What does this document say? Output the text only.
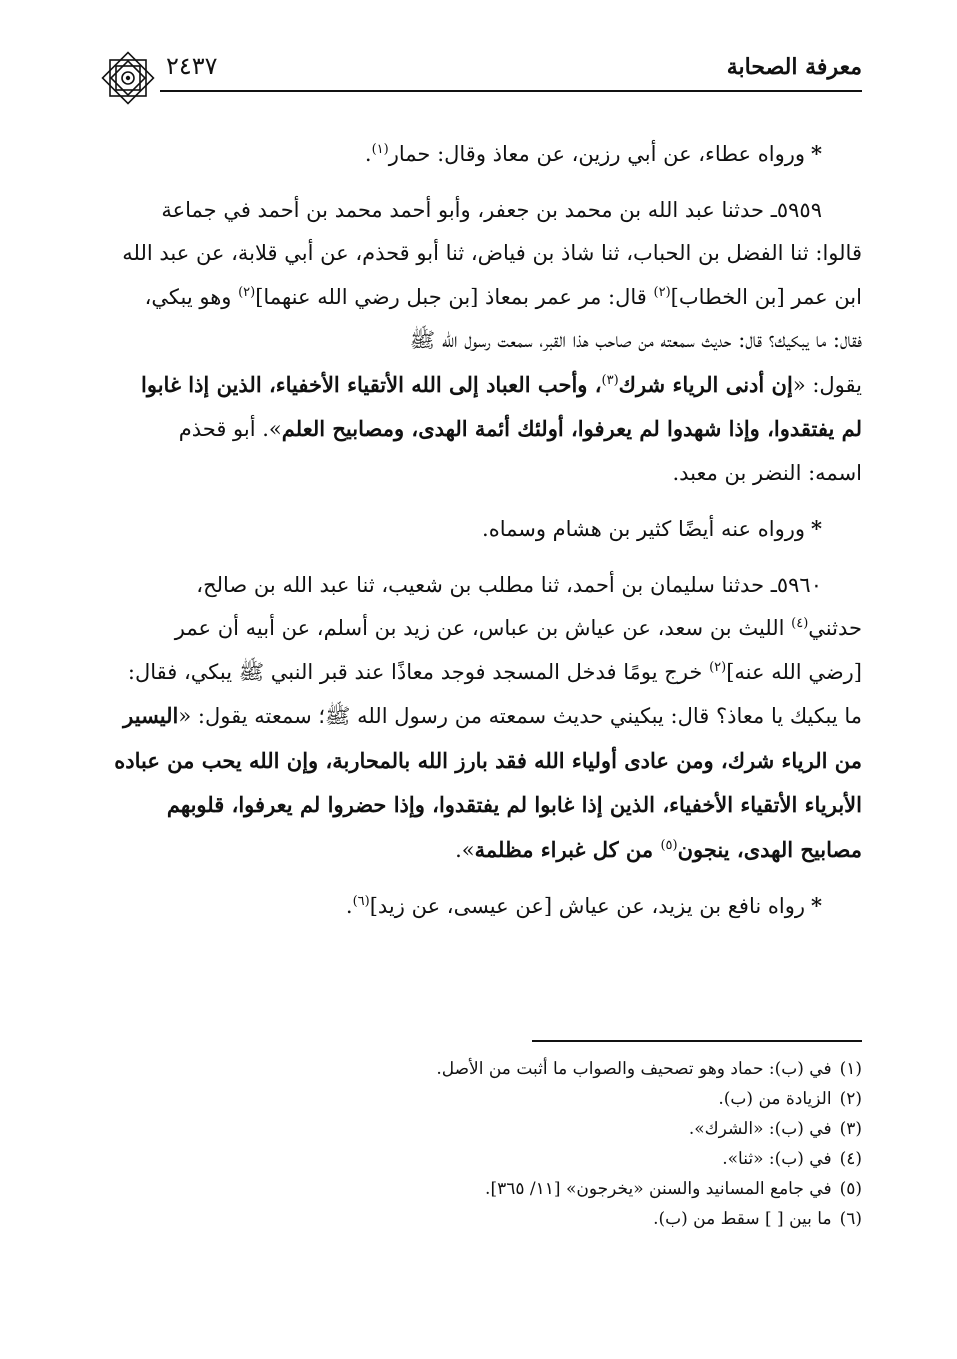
معرفة الصحابة
٢٤٣٧

*ورواه عطاء، عن أبي رزين، عن معاذ وقال: حمار$^{(١)}$.

٥٩٥٩ـ حدثنا عبد الله بن محمد بن جعفر، وأبو أحمد محمد بن أحمد في جماعة

قالوا: ثنا الفضل بن الحباب، ثنا شاذ بن فياض، ثنا أبو قحذم، عن أبي قلابة، عن عبد الله

ابن عمر [بن الخطاب]$^{(٢)}$ قال: مر عمر بمعاذ [بن جبل رضي الله عنهما]$^{(٢)}$ وهو يبكي،

فقال: ما يبكيك؟ قال: حديث سمعته من صاحب هذا القبر، سمعت رسول الله ﷺ

يقول: «إن أدنى الرياء شرك$^{(٣)}$، وأحب العباد إلى الله الأتقياء الأخفياء، الذين إذا غابوا

لم يفتقدوا، وإذا شهدوا لم يعرفوا، أولئك أئمة الهدى، ومصابيح العلم». أبو قحذم

اسمه: النضر بن معبد.

*ورواه عنه أيضًا كثير بن هشام وسماه.

٥٩٦٠ـ حدثنا سليمان بن أحمد، ثنا مطلب بن شعيب، ثنا عبد الله بن صالح،

حدثني$^{(٤)}$ الليث بن سعد، عن عياش بن عباس، عن زيد بن أسلم، عن أبيه أن عمر

[رضي الله عنه]$^{(٢)}$ خرج يومًا فدخل المسجد فوجد معاذًا عند قبر النبي ﷺ يبكي، فقال:

ما يبكيك يا معاذ؟ قال: يبكيني حديث سمعته من رسول الله ﷺ؛ سمعته يقول: «اليسير

من الرياء شرك، ومن عادى أولياء الله فقد بارز الله بالمحاربة، وإن الله يحب من عباده

الأبرياء الأتقياء الأخفياء، الذين إذا غابوا لم يفتقدوا، وإذا حضروا لم يعرفوا، قلوبهم

مصابيح الهدى، ينجون$^{(٥)}$ من كل غبراء مظلمة».

*رواه نافع بن يزيد، عن عياش [عن عيسى، عن زيد]$^{(٦)}$.

(١)في (ب): حماد وهو تصحيف والصواب ما أثبت من الأصل.

(٢)الزيادة من (ب).

(٣)في (ب): «الشرك».

(٤)في (ب): «ثنا».

(٥)في جامع المسانيد والسنن «يخرجون» [١١/ ٣٦٥].

(٦)ما بين [ ] سقط من (ب).
